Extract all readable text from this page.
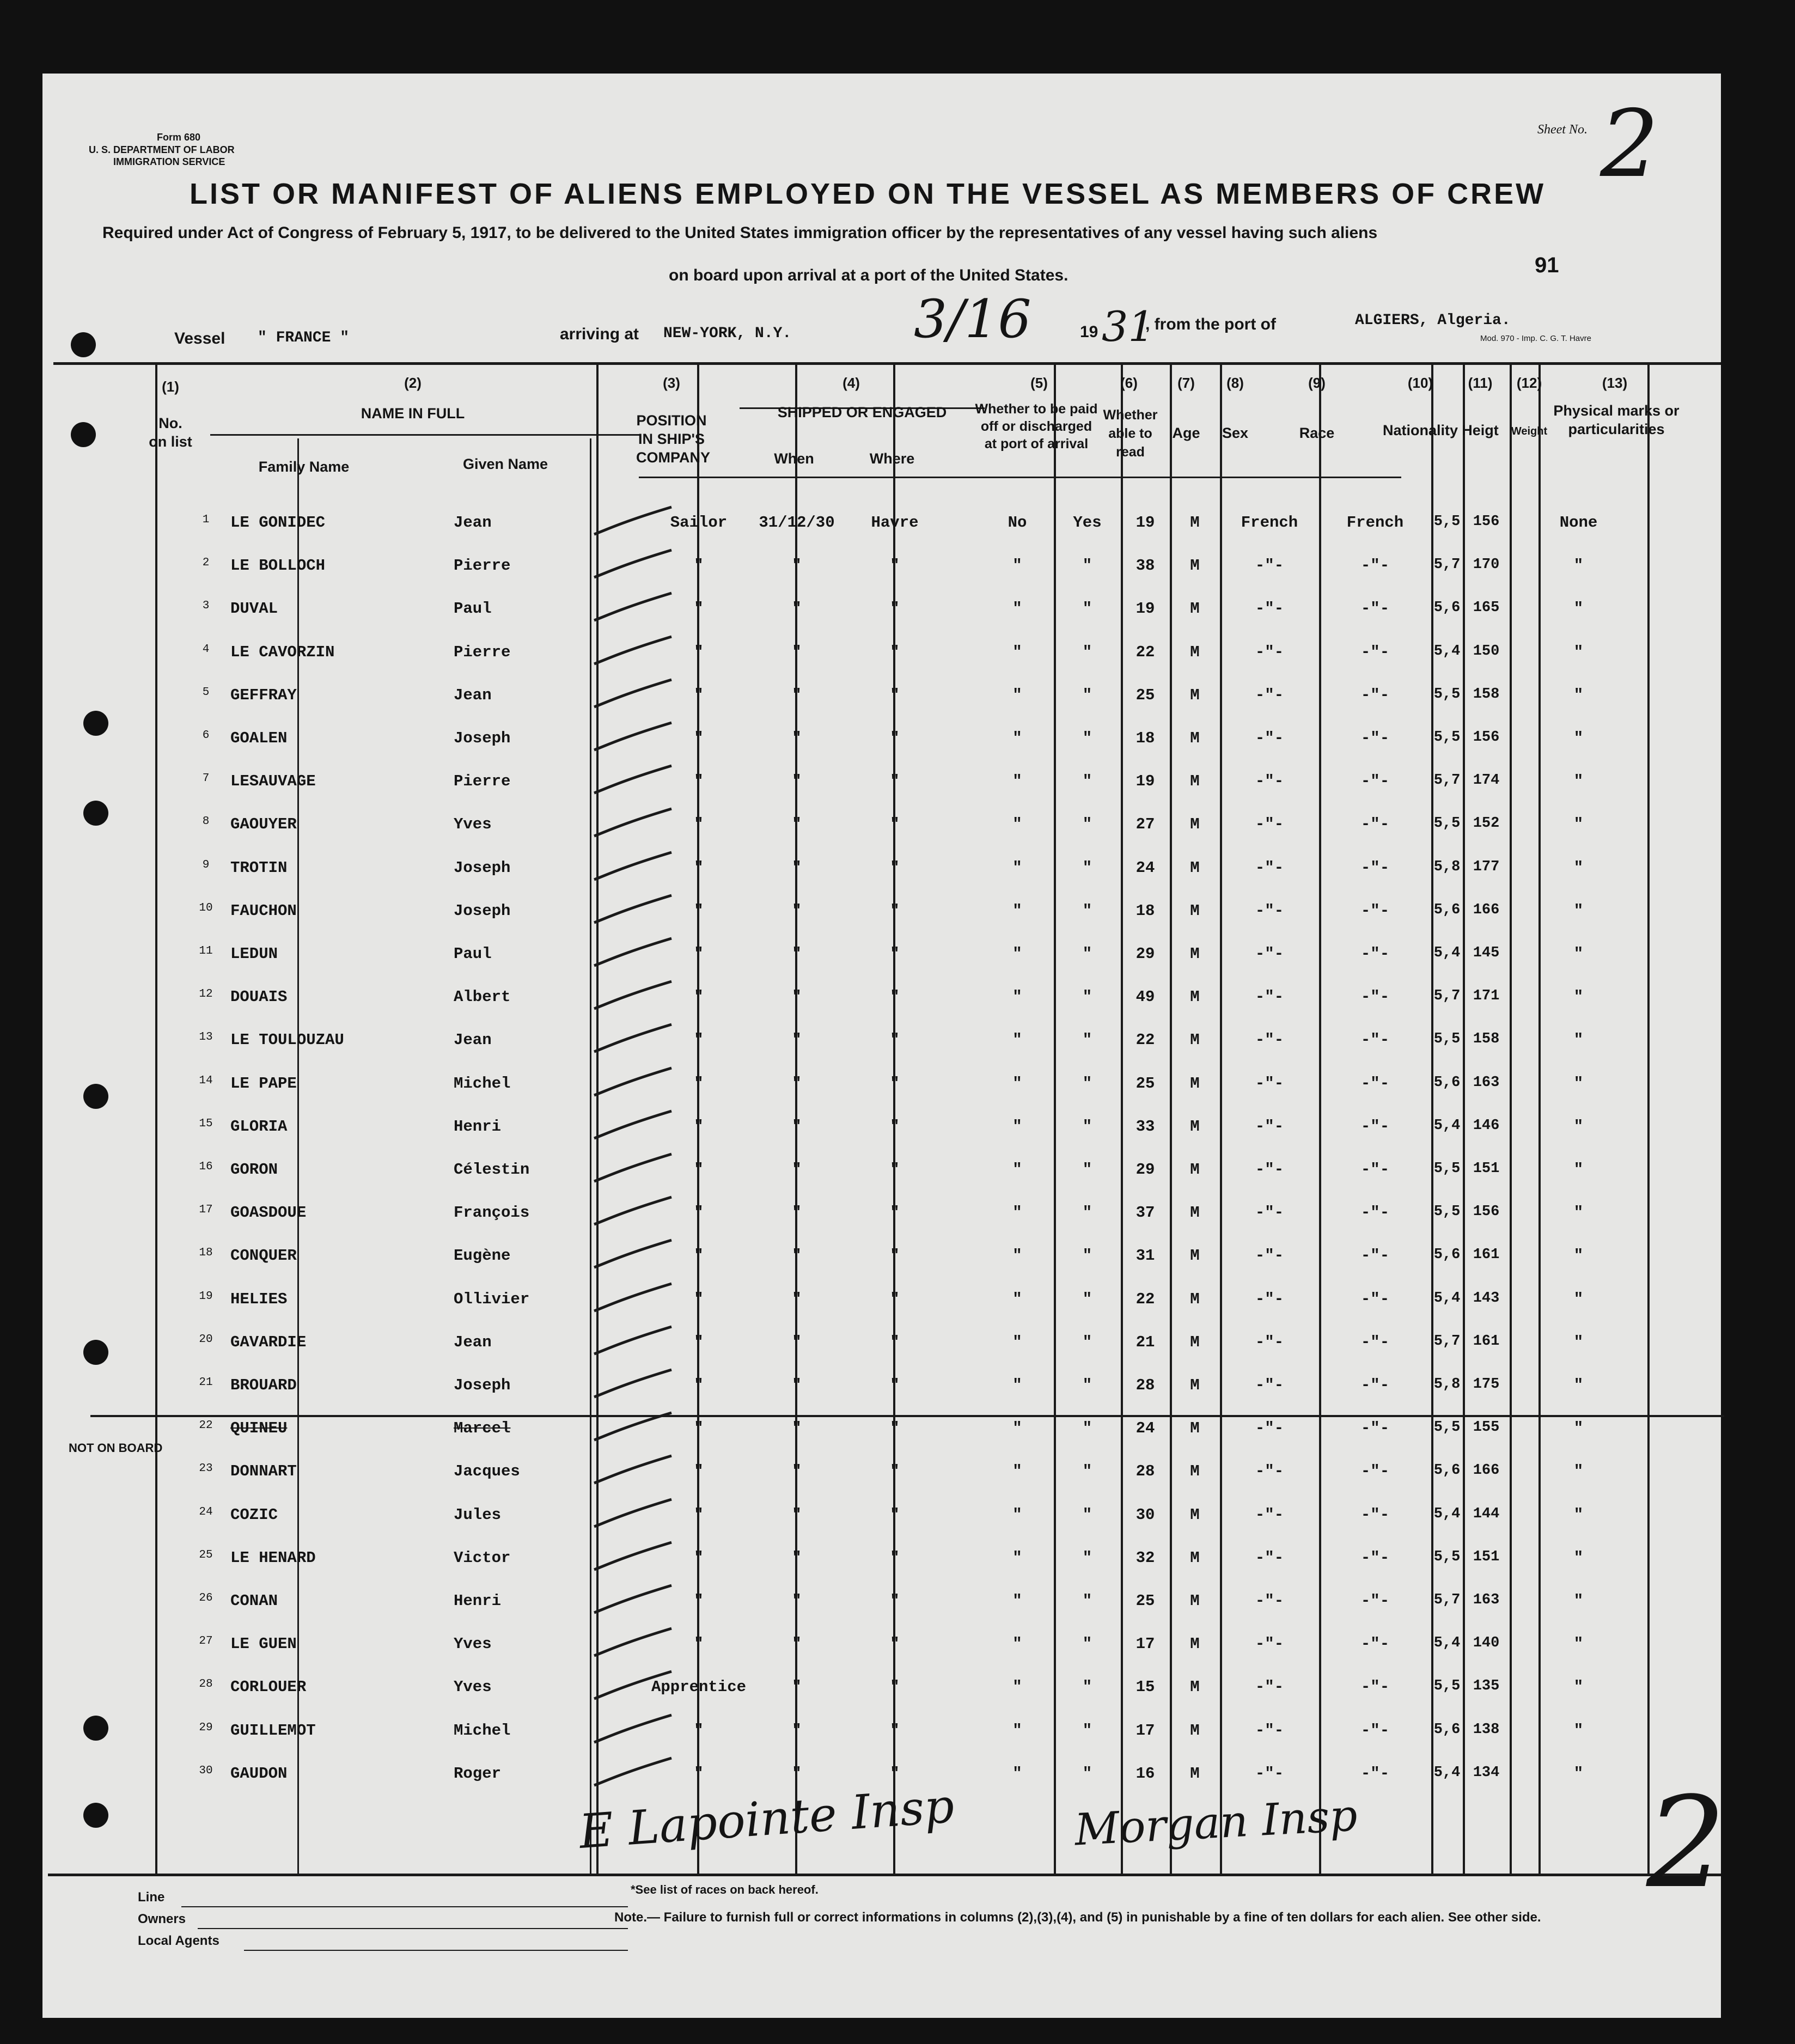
Form 680
U. S. DEPARTMENT OF LABOR
IMMIGRATION SERVICE
Sheet No. 2
LIST OR MANIFEST OF ALIENS EMPLOYED ON THE VESSEL AS MEMBERS OF CREW
Required under Act of Congress of February 5, 1917, to be delivered to the United States immigration officer by the representatives of any vessel having such aliens
on board upon arrival at a port of the United States.	91
Vessel " FRANCE "	arriving at NEW-YORK, N.Y. 3/16	19 31
, from the port of	ALGIERS, Algeria.
Mod. 970 - Imp. C. G. T. Havre
(1)
No. on list
(2)
NAME IN FULL
Family Name	Given Name
(3)
POSITION IN SHIP'S COMPANY
(4)
SHIPPED OR ENGAGED
When	Where
(5)
Whether to be paid off or discharged at port of arrival
(6)
Whether able to read
(7)
Age
(8)
Sex
(9)
Race
(10)
Nationality
(11)
Heigt
(12)
Weight
(13)
Physical marks or particularities
1	LE GONIDEC	Jean	Sailor	31/12/30	Havre	No	Yes	19	M	French	French	5,5 156	None
2	LE BOLLOCH	Pierre	"	"	"	"	"	38	M	-"-	-"-	5,7 170	"
3	DUVAL	Paul	"	"	"	"	"	19	M	-"-	-"-	5,6 165	"
4	LE CAVORZIN	Pierre	"	"	"	"	"	22	M	-"-	-"-	5,4 150	"
5	GEFFRAY	Jean	"	"	"	"	"	25	M	-"-	-"-	5,5 158	"
6	GOALEN	Joseph	"	"	"	"	"	18	M	-"-	-"-	5,5 156	"
7	LESAUVAGE	Pierre	"	"	"	"	"	19	M	-"-	-"-	5,7 174	"
8	GAOUYER	Yves	"	"	"	"	"	27	M	-"-	-"-	5,5 152	"
9	TROTIN	Joseph	"	"	"	"	"	24	M	-"-	-"-	5,8 177	"
10	FAUCHON	Joseph	"	"	"	"	"	18	M	-"-	-"-	5,6 166	"
11	LEDUN	Paul	"	"	"	"	"	29	M	-"-	-"-	5,4 145	"
12	DOUAIS	Albert	"	"	"	"	"	49	M	-"-	-"-	5,7 171	"
13	LE TOULOUZAU	Jean	"	"	"	"	"	22	M	-"-	-"-	5,5 158	"
14	LE PAPE	Michel	"	"	"	"	"	25	M	-"-	-"-	5,6 163	"
15	GLORIA	Henri	"	"	"	"	"	33	M	-"-	-"-	5,4 146	"
16	GORON	Célestin	"	"	"	"	"	29	M	-"-	-"-	5,5 151	"
17	GOASDOUE	François	"	"	"	"	"	37	M	-"-	-"-	5,5 156	"
18	CONQUER	Eugène	"	"	"	"	"	31	M	-"-	-"-	5,6 161	"
19	HELIES	Ollivier	"	"	"	"	"	22	M	-"-	-"-	5,4 143	"
20	GAVARDIE	Jean	"	"	"	"	"	21	M	-"-	-"-	5,7 161	"
21	BROUARD	Joseph	"	"	"	"	"	28	M	-"-	-"-	5,8 175	"
22	QUINEU	Marcel	"	"	"	"	"	24	M	-"-	-"-	5,5 155	"
23	DONNART	Jacques	"	"	"	"	"	28	M	-"-	-"-	5,6 166	"
24	COZIC	Jules	"	"	"	"	"	30	M	-"-	-"-	5,4 144	"
25	LE HENARD	Victor	"	"	"	"	"	32	M	-"-	-"-	5,5 151	"
26	CONAN	Henri	"	"	"	"	"	25	M	-"-	-"-	5,7 163	"
27	LE GUEN	Yves	"	"	"	"	"	17	M	-"-	-"-	5,4 140	"
28	CORLOUER	Yves	Apprentice	"	"	"	"	15	M	-"-	-"-	5,5 135	"
29	GUILLEMOT	Michel	"	"	"	"	"	17	M	-"-	-"-	5,6 138	"
30	GAUDON	Roger	"	"	"	"	"	16	M	-"-	-"-	5,4 134	"
NOT ON BOARD
E Lapointe Insp	Morgan Insp
Line
Owners
Local Agents
*See list of races on back hereof.
Note.— Failure to furnish full or correct informations in columns (2),(3),(4), and (5) in punishable by a fine of ten dollars for each alien. See other side.
2
